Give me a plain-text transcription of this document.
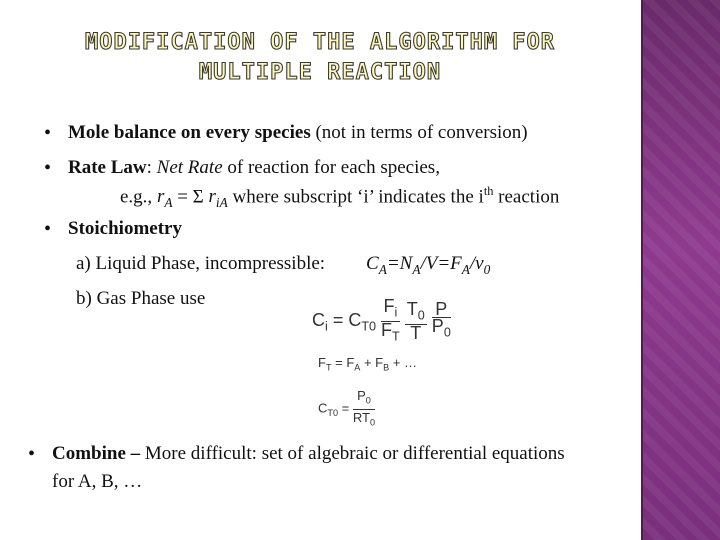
MODIFICATION OF THE ALGORITHM FOR
MULTIPLE REACTION
• Mole balance on every species (not in terms of conversion)
• Rate Law: Net Rate of reaction for each species,
e.g., $r_A = \Sigma$ $r_{iA}$ where subscript ‘i’ indicates the $i^{th}$ reaction
• Stoichiometry
a) Liquid Phase, incompressible: $C_A=N_A/V=F_A/v_0$
b) Gas Phase use
$C_i = C_{T0} \frac{F_i}{F_T}$
$\frac{T_0}{T}$
$\frac{P}{P_0}$
$F_T = F_A + F_B$ + …
$C_{T0} = \frac{P_0}{RT_0}$
• Combine – More difficult: set of algebraic or differential equations
for A, B, …
